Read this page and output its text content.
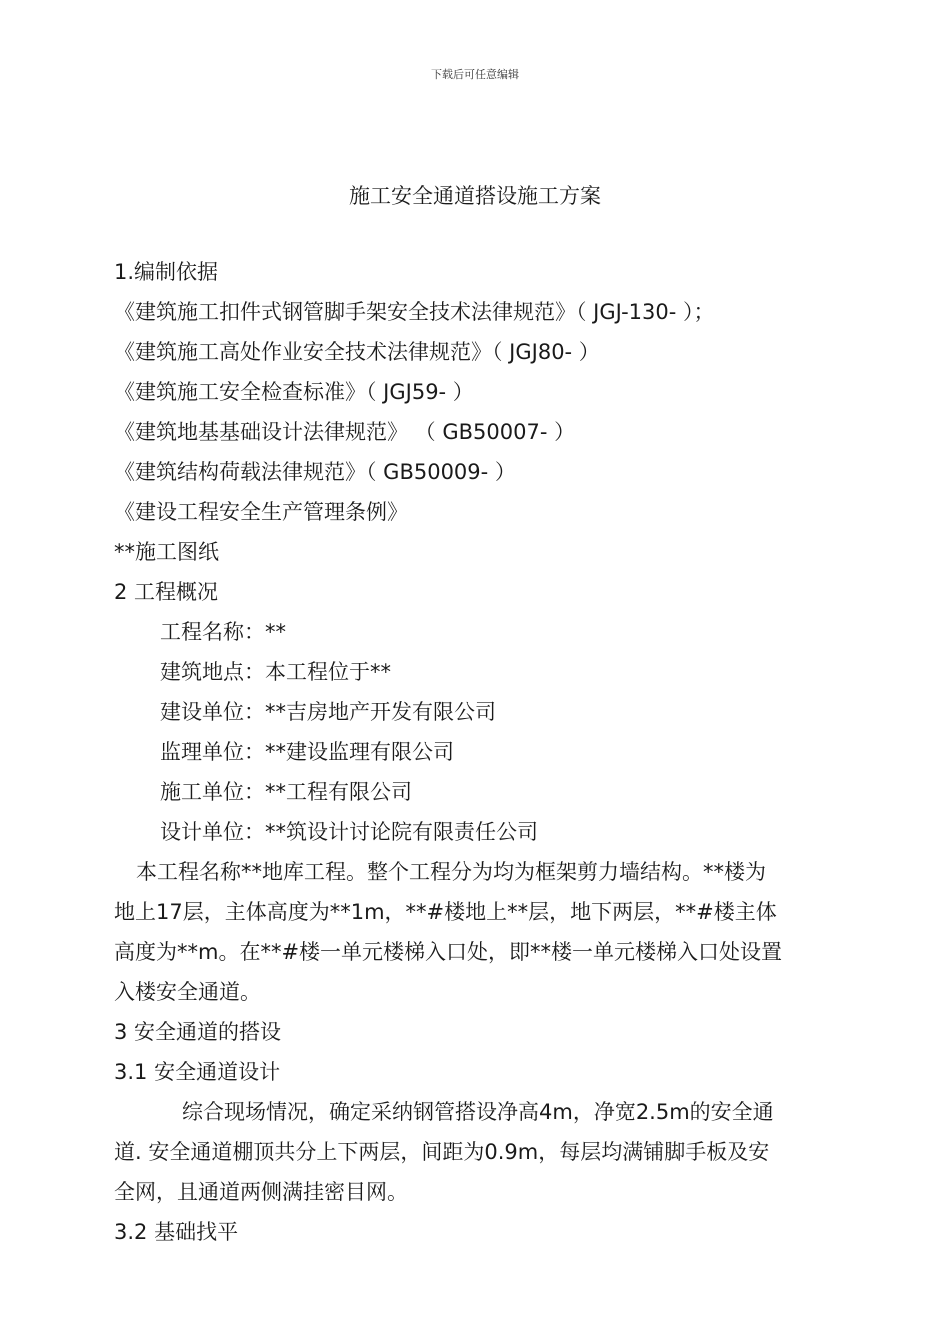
下载后可任意编辑
施工安全通道搭设施工方案
1.编制依据
《建筑施工扣件式钢管脚手架安全技术法律规范》（ JGJ-130- ）；
《建筑施工高处作业安全技术法律规范》（ JGJ80- ）
《建筑施工安全检查标准》（ JGJ59- ）
《建筑地基基础设计法律规范》 （ GB50007- ）
《建筑结构荷载法律规范》（ GB50009- ）
《建设工程安全生产管理条例》
**施工图纸
2 工程概况
工程名称：**
建筑地点：本工程位于**
建设单位：**吉房地产开发有限公司
监理单位：**建设监理有限公司
施工单位：**工程有限公司
设计单位：**筑设计讨论院有限责任公司
本工程名称**地库工程。整个工程分为均为框架剪力墙结构。**楼为
地上17层，主体高度为**1m，**#楼地上**层，地下两层，**#楼主体
高度为**m。在**#楼一单元楼梯入口处，即**楼一单元楼梯入口处设置
入楼安全通道。
3 安全通道的搭设
3.1 安全通道设计
综合现场情况，确定采纳钢管搭设净高4m，净宽2.5m的安全通
道. 安全通道棚顶共分上下两层，间距为0.9m，每层均满铺脚手板及安
全网，且通道两侧满挂密目网。
3.2 基础找平
